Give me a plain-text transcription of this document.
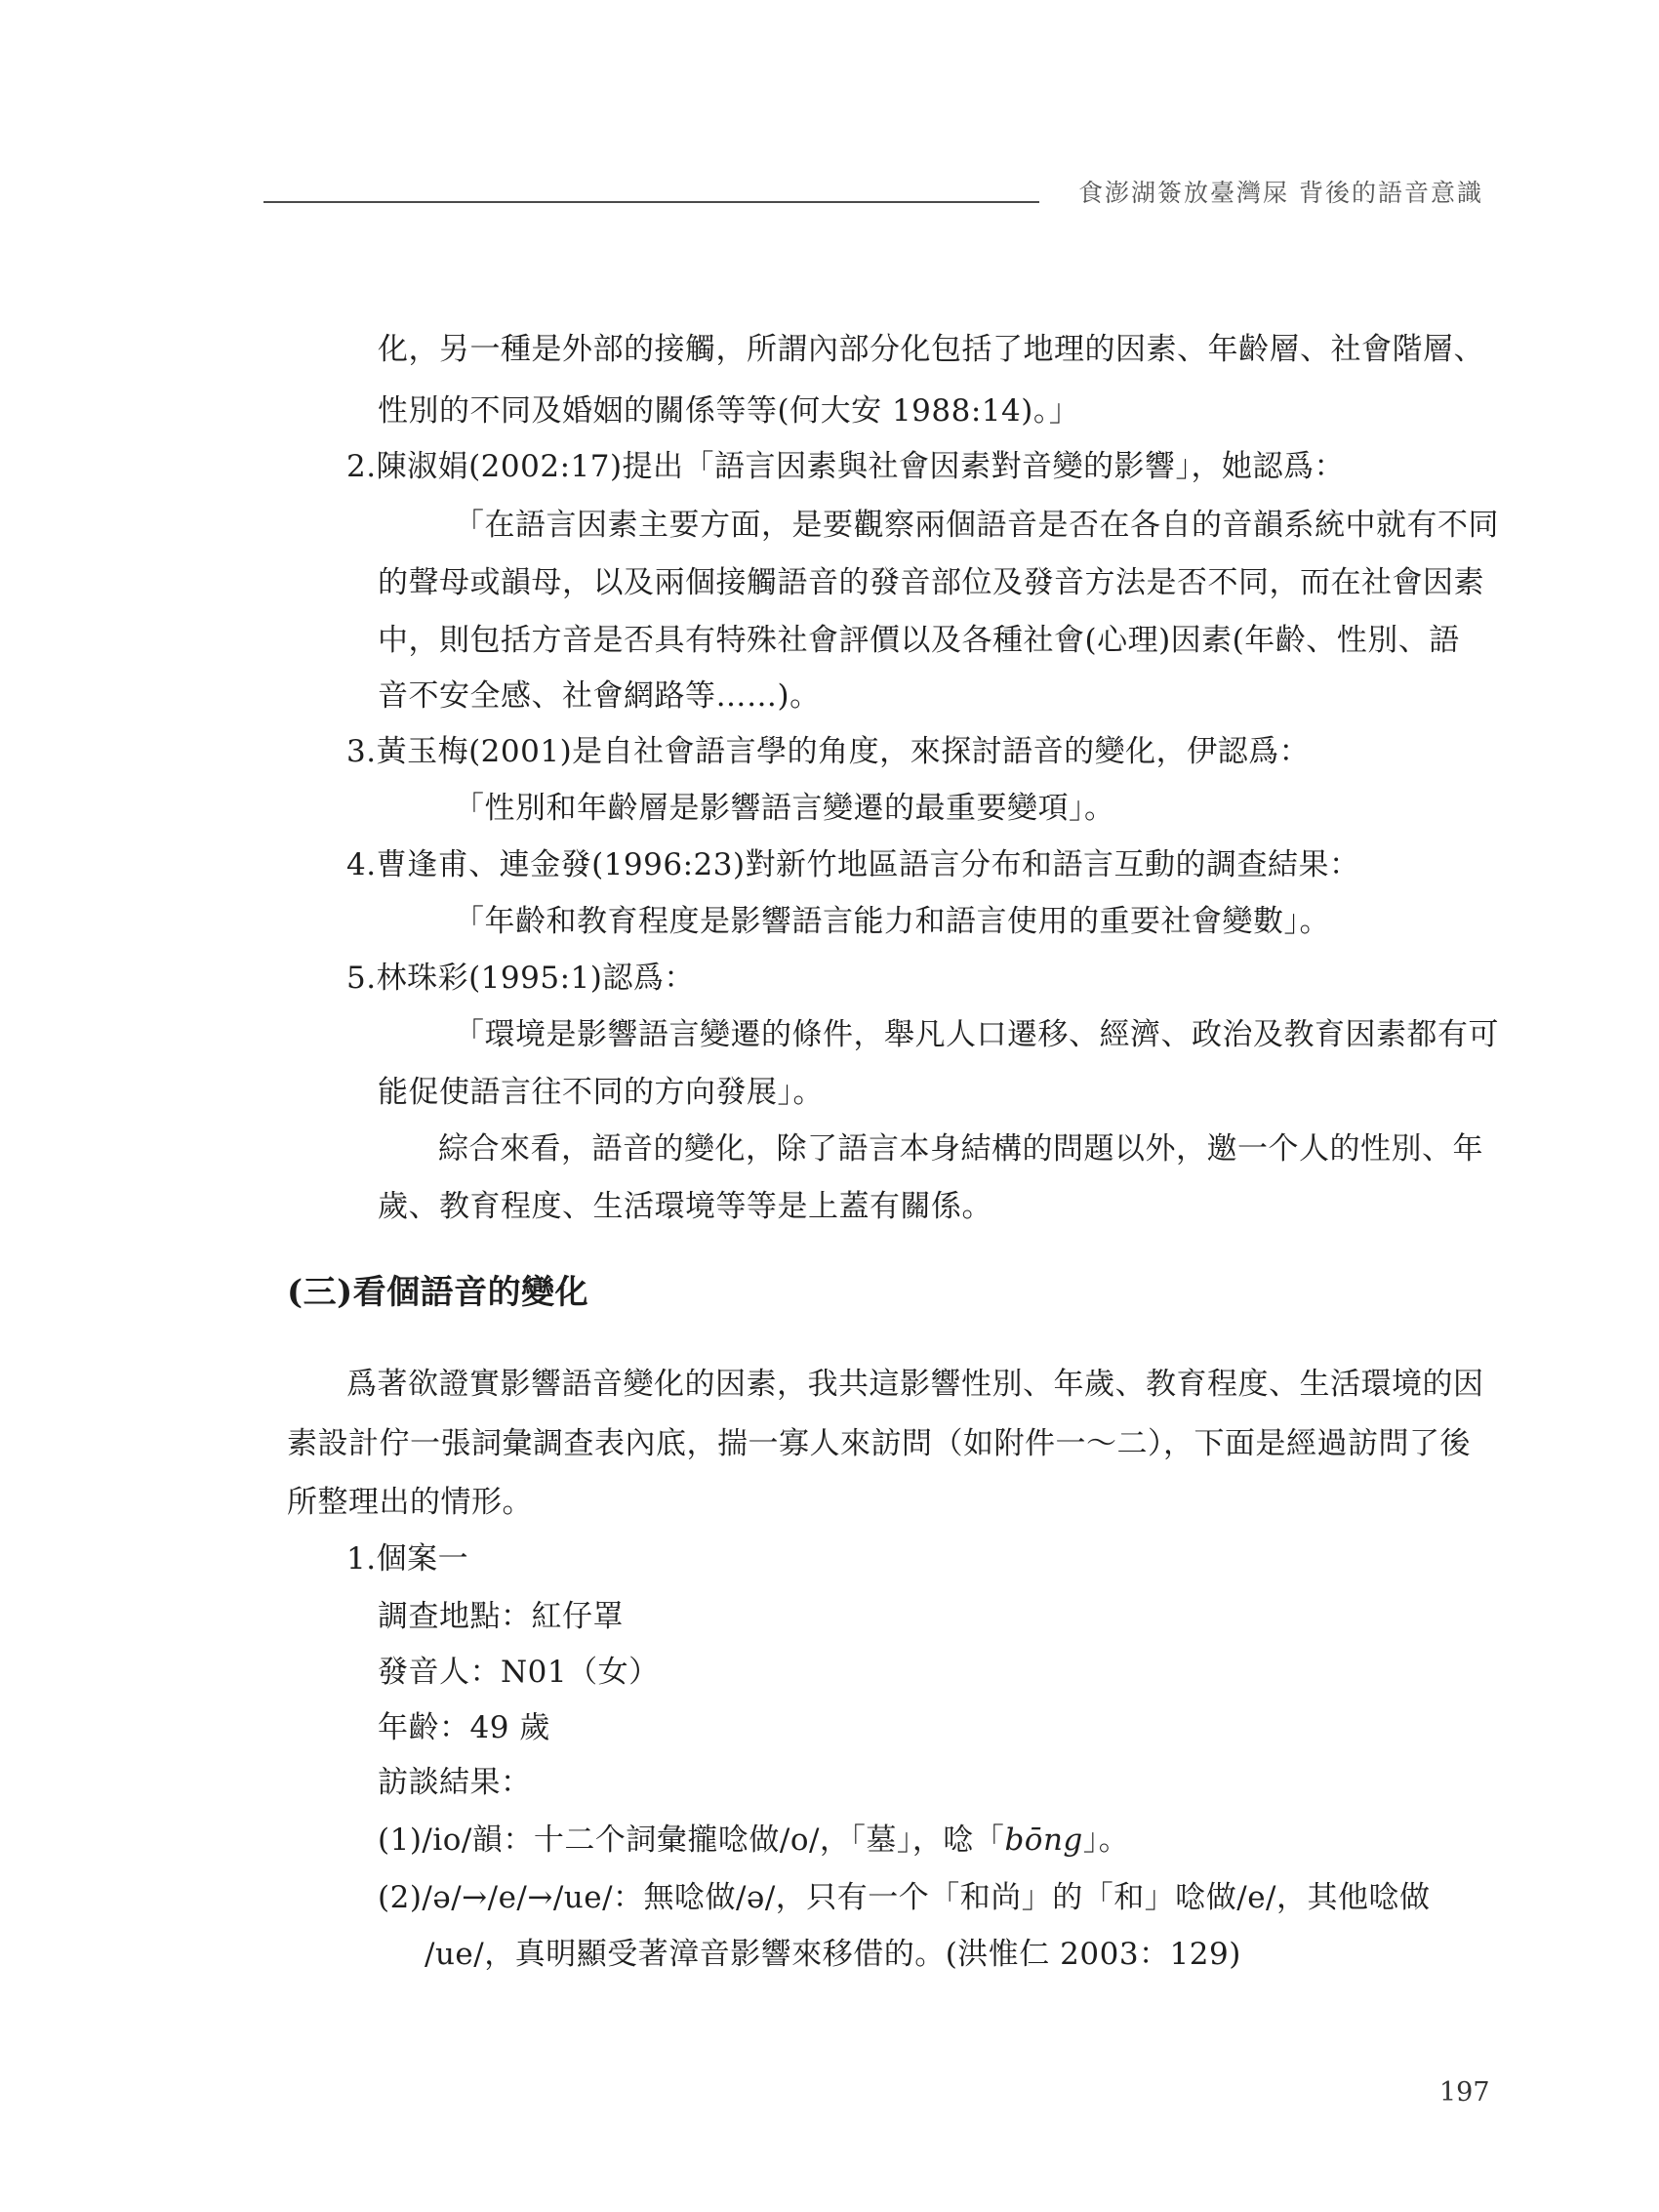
食澎湖簽放臺灣屎 背後的語音意識
化，另一種是外部的接觸，所謂內部分化包括了地理的因素、年齡層、社會階層、
性別的不同及婚姻的關係等等(何大安 1988:14)。」
2.陳淑娟(2002:17)提出「語言因素與社會因素對音變的影響」，她認爲：
「在語言因素主要方面，是要觀察兩個語音是否在各自的音韻系統中就有不同
的聲母或韻母，以及兩個接觸語音的發音部位及發音方法是否不同，而在社會因素
中，則包括方音是否具有特殊社會評價以及各種社會(心理)因素(年齡、性別、語
音不安全感、社會網路等……)。
3.黃玉梅(2001)是自社會語言學的角度，來探討語音的變化，伊認爲：
「性別和年齡層是影響語言變遷的最重要變項」。
4.曹逢甫、連金發(1996:23)對新竹地區語言分布和語言互動的調查結果：
「年齡和教育程度是影響語言能力和語言使用的重要社會變數」。
5.林珠彩(1995:1)認爲：
「環境是影響語言變遷的條件，舉凡人口遷移、經濟、政治及教育因素都有可
能促使語言往不同的方向發展」。
綜合來看，語音的變化，除了語言本身結構的問題以外，邀一个人的性別、年
歲、教育程度、生活環境等等是上蓋有關係。
(三)看個語音的變化
爲著欲證實影響語音變化的因素，我共這影響性別、年歲、教育程度、生活環境的因
素設計佇一張詞彙調查表內底，揣一寡人來訪問（如附件一～二），下面是經過訪問了後
所整理出的情形。
1.個案一
調查地點：紅仔罩
發音人：N01（女）
年齡：49 歲
訪談結果：
(1)/io/韻：十二个詞彙攏唸做/o/，「墓」，唸「bōng」。
(2)/ə/→/e/→/ue/：無唸做/ə/，只有一个「和尚」的「和」唸做/e/，其他唸做
/ue/，真明顯受著漳音影響來移借的。(洪惟仁 2003：129)
197
